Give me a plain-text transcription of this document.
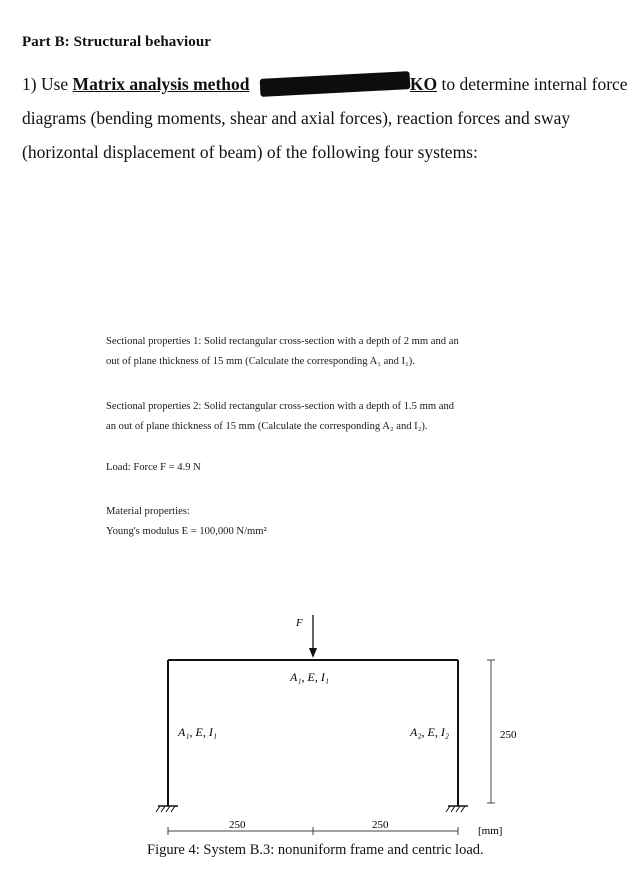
Part B: Structural behaviour
1) Use Matrix analysis method	KO to determine internal force
diagrams (bending moments, shear and axial forces), reaction forces and sway
(horizontal displacement of beam) of the following four systems:

Sectional properties 1: Solid rectangular cross-section with a depth of 2 mm and an

out of plane thickness of 15 mm (Calculate the corresponding A₁ and I₁).

Sectional properties 2: Solid rectangular cross-section with a depth of 1.5 mm and

an out of plane thickness of 15 mm (Calculate the corresponding A₂ and I₂).

Load: Force F = 4.9 N

Material properties:

Young's modulus E = 100,000 N/mm²

F
A₁, E, I₁
A₁, E, I₁	A₂, E, I₂	250
250	250	[mm]
Figure 4: System B.3: nonuniform frame and centric load.
